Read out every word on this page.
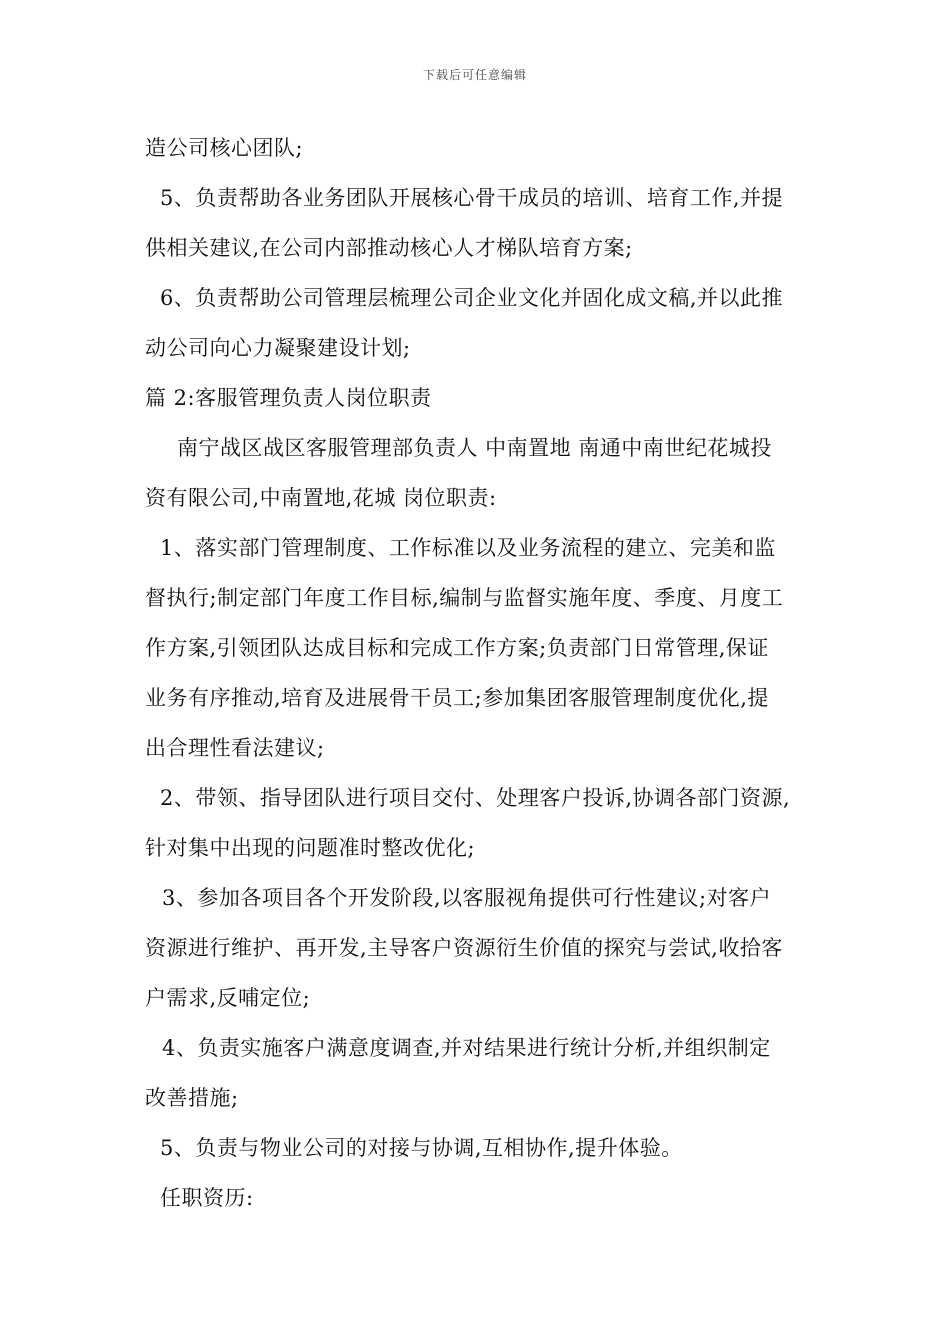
下载后可任意编辑
造公司核心团队;
5、负责帮助各业务团队开展核心骨干成员的培训、培育工作,并提
供相关建议,在公司内部推动核心人才梯队培育方案;
6、负责帮助公司管理层梳理公司企业文化并固化成文稿,并以此推
动公司向心力凝聚建设计划;
篇 2:客服管理负责人岗位职责
南宁战区战区客服管理部负责人 中南置地 南通中南世纪花城投
资有限公司,中南置地,花城 岗位职责:
1、落实部门管理制度、工作标准以及业务流程的建立、完美和监
督执行;制定部门年度工作目标,编制与监督实施年度、季度、月度工
作方案,引领团队达成目标和完成工作方案;负责部门日常管理,保证
业务有序推动,培育及进展骨干员工;参加集团客服管理制度优化,提
出合理性看法建议;
2、带领、指导团队进行项目交付、处理客户投诉,协调各部门资源,
针对集中出现的问题准时整改优化;
3、参加各项目各个开发阶段,以客服视角提供可行性建议;对客户
资源进行维护、再开发,主导客户资源衍生价值的探究与尝试,收拾客
户需求,反哺定位;
4、负责实施客户满意度调查,并对结果进行统计分析,并组织制定
改善措施;
5、负责与物业公司的对接与协调,互相协作,提升体验。
任职资历:
